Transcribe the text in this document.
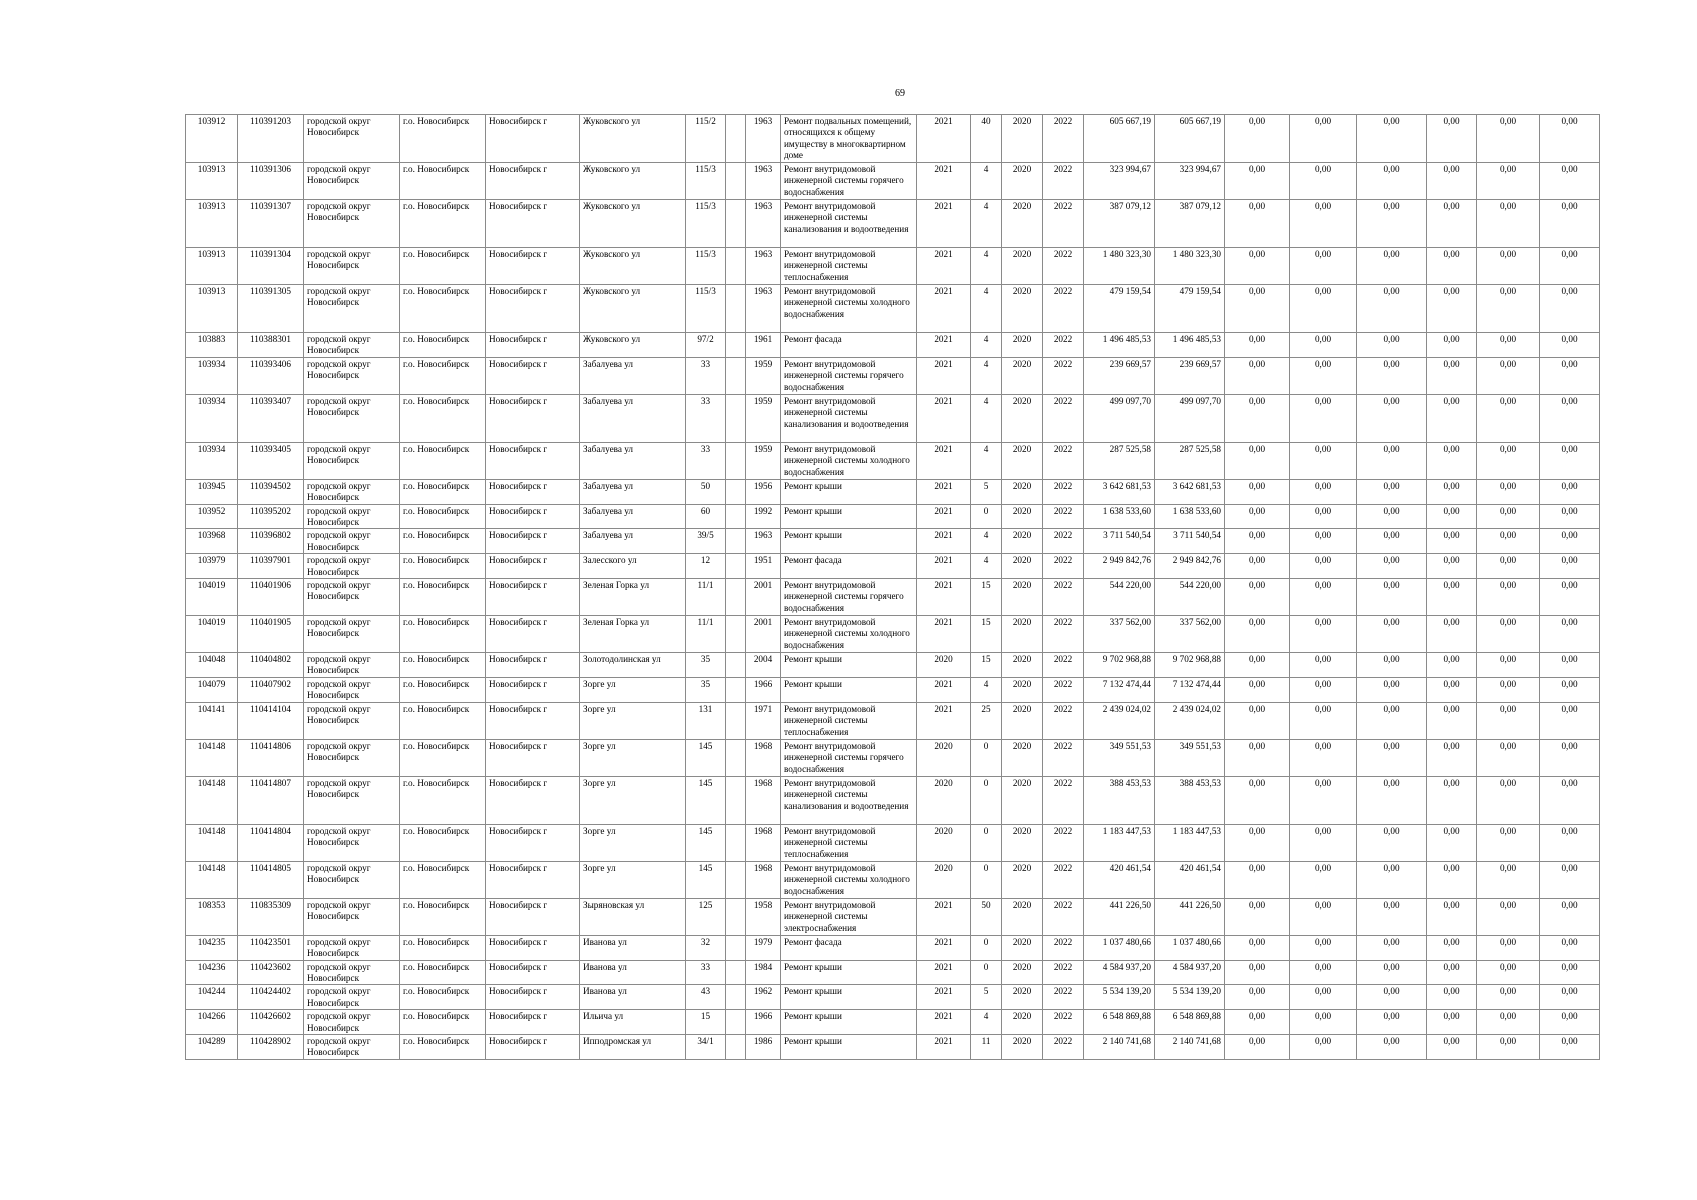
69
103912	110391203	городской округ Новосибирск	г.о. Новосибирск	Новосибирск г	Жуковского ул	115/2		1963	Ремонт подвальных помещений, относящихся к общему имуществу в многоквартирном доме	2021	40	2020	2022	605 667,19	605 667,19	0,00	0,00	0,00	0,00	0,00	0,00
103913	110391306	городской округ Новосибирск	г.о. Новосибирск	Новосибирск г	Жуковского ул	115/3		1963	Ремонт внутридомовой инженерной системы горячего водоснабжения	2021	4	2020	2022	323 994,67	323 994,67	0,00	0,00	0,00	0,00	0,00	0,00
103913	110391307	городской округ Новосибирск	г.о. Новосибирск	Новосибирск г	Жуковского ул	115/3		1963	Ремонт внутридомовой инженерной системы канализования и водоотведения	2021	4	2020	2022	387 079,12	387 079,12	0,00	0,00	0,00	0,00	0,00	0,00
103913	110391304	городской округ Новосибирск	г.о. Новосибирск	Новосибирск г	Жуковского ул	115/3		1963	Ремонт внутридомовой инженерной системы теплоснабжения	2021	4	2020	2022	1 480 323,30	1 480 323,30	0,00	0,00	0,00	0,00	0,00	0,00
103913	110391305	городской округ Новосибирск	г.о. Новосибирск	Новосибирск г	Жуковского ул	115/3		1963	Ремонт внутридомовой инженерной системы холодного водоснабжения	2021	4	2020	2022	479 159,54	479 159,54	0,00	0,00	0,00	0,00	0,00	0,00
103883	110388301	городской округ Новосибирск	г.о. Новосибирск	Новосибирск г	Жуковского ул	97/2		1961	Ремонт фасада	2021	4	2020	2022	1 496 485,53	1 496 485,53	0,00	0,00	0,00	0,00	0,00	0,00
103934	110393406	городской округ Новосибирск	г.о. Новосибирск	Новосибирск г	Забалуева ул	33		1959	Ремонт внутридомовой инженерной системы горячего водоснабжения	2021	4	2020	2022	239 669,57	239 669,57	0,00	0,00	0,00	0,00	0,00	0,00
103934	110393407	городской округ Новосибирск	г.о. Новосибирск	Новосибирск г	Забалуева ул	33		1959	Ремонт внутридомовой инженерной системы канализования и водоотведения	2021	4	2020	2022	499 097,70	499 097,70	0,00	0,00	0,00	0,00	0,00	0,00
103934	110393405	городской округ Новосибирск	г.о. Новосибирск	Новосибирск г	Забалуева ул	33		1959	Ремонт внутридомовой инженерной системы холодного водоснабжения	2021	4	2020	2022	287 525,58	287 525,58	0,00	0,00	0,00	0,00	0,00	0,00
103945	110394502	городской округ Новосибирск	г.о. Новосибирск	Новосибирск г	Забалуева ул	50		1956	Ремонт крыши	2021	5	2020	2022	3 642 681,53	3 642 681,53	0,00	0,00	0,00	0,00	0,00	0,00
103952	110395202	городской округ Новосибирск	г.о. Новосибирск	Новосибирск г	Забалуева ул	60		1992	Ремонт крыши	2021	0	2020	2022	1 638 533,60	1 638 533,60	0,00	0,00	0,00	0,00	0,00	0,00
103968	110396802	городской округ Новосибирск	г.о. Новосибирск	Новосибирск г	Забалуева ул	39/5		1963	Ремонт крыши	2021	4	2020	2022	3 711 540,54	3 711 540,54	0,00	0,00	0,00	0,00	0,00	0,00
103979	110397901	городской округ Новосибирск	г.о. Новосибирск	Новосибирск г	Залесского ул	12		1951	Ремонт фасада	2021	4	2020	2022	2 949 842,76	2 949 842,76	0,00	0,00	0,00	0,00	0,00	0,00
104019	110401906	городской округ Новосибирск	г.о. Новосибирск	Новосибирск г	Зеленая Горка ул	11/1		2001	Ремонт внутридомовой инженерной системы горячего водоснабжения	2021	15	2020	2022	544 220,00	544 220,00	0,00	0,00	0,00	0,00	0,00	0,00
104019	110401905	городской округ Новосибирск	г.о. Новосибирск	Новосибирск г	Зеленая Горка ул	11/1		2001	Ремонт внутридомовой инженерной системы холодного водоснабжения	2021	15	2020	2022	337 562,00	337 562,00	0,00	0,00	0,00	0,00	0,00	0,00
104048	110404802	городской округ Новосибирск	г.о. Новосибирск	Новосибирск г	Золотодолинская ул	35		2004	Ремонт крыши	2020	15	2020	2022	9 702 968,88	9 702 968,88	0,00	0,00	0,00	0,00	0,00	0,00
104079	110407902	городской округ Новосибирск	г.о. Новосибирск	Новосибирск г	Зорге ул	35		1966	Ремонт крыши	2021	4	2020	2022	7 132 474,44	7 132 474,44	0,00	0,00	0,00	0,00	0,00	0,00
104141	110414104	городской округ Новосибирск	г.о. Новосибирск	Новосибирск г	Зорге ул	131		1971	Ремонт внутридомовой инженерной системы теплоснабжения	2021	25	2020	2022	2 439 024,02	2 439 024,02	0,00	0,00	0,00	0,00	0,00	0,00
104148	110414806	городской округ Новосибирск	г.о. Новосибирск	Новосибирск г	Зорге ул	145		1968	Ремонт внутридомовой инженерной системы горячего водоснабжения	2020	0	2020	2022	349 551,53	349 551,53	0,00	0,00	0,00	0,00	0,00	0,00
104148	110414807	городской округ Новосибирск	г.о. Новосибирск	Новосибирск г	Зорге ул	145		1968	Ремонт внутридомовой инженерной системы канализования и водоотведения	2020	0	2020	2022	388 453,53	388 453,53	0,00	0,00	0,00	0,00	0,00	0,00
104148	110414804	городской округ Новосибирск	г.о. Новосибирск	Новосибирск г	Зорге ул	145		1968	Ремонт внутридомовой инженерной системы теплоснабжения	2020	0	2020	2022	1 183 447,53	1 183 447,53	0,00	0,00	0,00	0,00	0,00	0,00
104148	110414805	городской округ Новосибирск	г.о. Новосибирск	Новосибирск г	Зорге ул	145		1968	Ремонт внутридомовой инженерной системы холодного водоснабжения	2020	0	2020	2022	420 461,54	420 461,54	0,00	0,00	0,00	0,00	0,00	0,00
108353	110835309	городской округ Новосибирск	г.о. Новосибирск	Новосибирск г	Зыряновская ул	125		1958	Ремонт внутридомовой инженерной системы электроснабжения	2021	50	2020	2022	441 226,50	441 226,50	0,00	0,00	0,00	0,00	0,00	0,00
104235	110423501	городской округ Новосибирск	г.о. Новосибирск	Новосибирск г	Иванова ул	32		1979	Ремонт фасада	2021	0	2020	2022	1 037 480,66	1 037 480,66	0,00	0,00	0,00	0,00	0,00	0,00
104236	110423602	городской округ Новосибирск	г.о. Новосибирск	Новосибирск г	Иванова ул	33		1984	Ремонт крыши	2021	0	2020	2022	4 584 937,20	4 584 937,20	0,00	0,00	0,00	0,00	0,00	0,00
104244	110424402	городской округ Новосибирск	г.о. Новосибирск	Новосибирск г	Иванова ул	43		1962	Ремонт крыши	2021	5	2020	2022	5 534 139,20	5 534 139,20	0,00	0,00	0,00	0,00	0,00	0,00
104266	110426602	городской округ Новосибирск	г.о. Новосибирск	Новосибирск г	Ильича ул	15		1966	Ремонт крыши	2021	4	2020	2022	6 548 869,88	6 548 869,88	0,00	0,00	0,00	0,00	0,00	0,00
104289	110428902	городской округ Новосибирск	г.о. Новосибирск	Новосибирск г	Ипподромская ул	34/1		1986	Ремонт крыши	2021	11	2020	2022	2 140 741,68	2 140 741,68	0,00	0,00	0,00	0,00	0,00	0,00
